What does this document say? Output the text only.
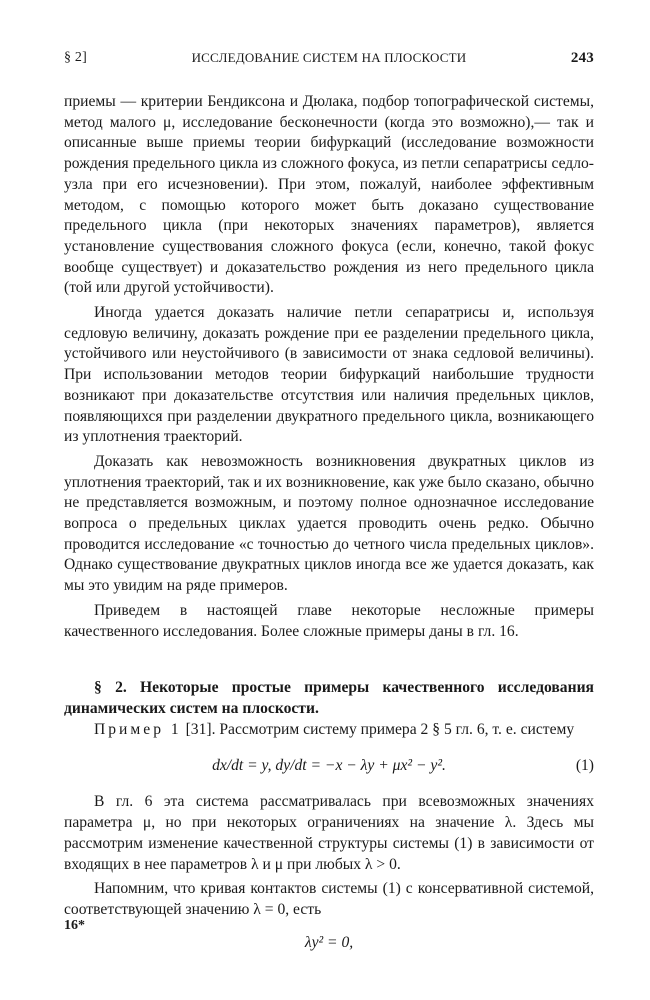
§ 2]	ИССЛЕДОВАНИЕ СИСТЕМ НА ПЛОСКОСТИ	243

приемы — критерии Бендиксона и Дюлака, подбор топографической системы, метод малого μ, исследование бесконечности (когда это возможно),— так и описанные выше приемы теории бифуркаций (исследование возможности рождения предельного цикла из сложного фокуса, из петли сепаратрисы седло-узла при его исчезновении). При этом, пожалуй, наиболее эффективным методом, с помощью которого может быть доказано существование предельного цикла (при некоторых значениях параметров), является установление существования сложного фокуса (если, конечно, такой фокус вообще существует) и доказательство рождения из него предельного цикла (той или другой устойчивости).

Иногда удается доказать наличие петли сепаратрисы и, используя седловую величину, доказать рождение при ее разделении предельного цикла, устойчивого или неустойчивого (в зависимости от знака седловой величины). При использовании методов теории бифуркаций наибольшие трудности возникают при доказательстве отсутствия или наличия предельных циклов, появляющихся при разделении двукратного предельного цикла, возникающего из уплотнения траекторий.

Доказать как невозможность возникновения двукратных циклов из уплотнения траекторий, так и их возникновение, как уже было сказано, обычно не представляется возможным, и поэтому полное однозначное исследование вопроса о предельных циклах удается проводить очень редко. Обычно проводится исследование «с точностью до четного числа предельных циклов». Однако существование двукратных циклов иногда все же удается доказать, как мы это увидим на ряде примеров.

Приведем в настоящей главе некоторые несложные примеры качественного исследования. Более сложные примеры даны в гл. 16.

§ 2. Некоторые простые примеры качественного исследования динамических систем на плоскости.

Пример 1 [31]. Рассмотрим систему примера 2 § 5 гл. 6, т. е. систему

dx/dt = y, dy/dt = −x − λy + μx² − y².	(1)

В гл. 6 эта система рассматривалась при всевозможных значениях параметра μ, но при некоторых ограничениях на значение λ. Здесь мы рассмотрим изменение качественной структуры системы (1) в зависимости от входящих в нее параметров λ и μ при любых λ > 0.

Напомним, что кривая контактов системы (1) с консервативной системой, соответствующей значению λ = 0, есть

λy² = 0,
16*
